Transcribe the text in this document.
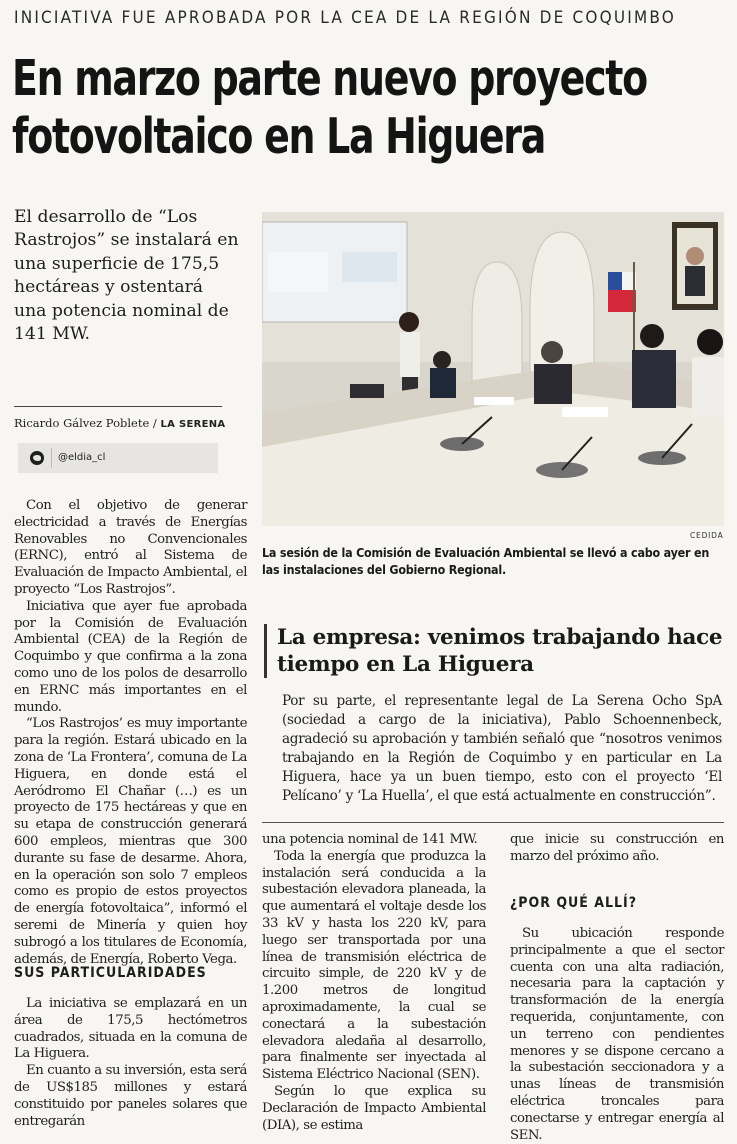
INICIATIVA FUE APROBADA POR LA CEA DE LA REGIÓN DE COQUIMBO
En marzo parte nuevo proyecto fotovoltaico en La Higuera
El desarrollo de “Los Rastrojos” se instalará en una superficie de 175,5 hectáreas y ostentará una potencia nominal de 141 MW.
Ricardo Gálvez Poblete / LA SERENA
@eldia_cl
CEDIDA
La sesión de la Comisión de Evaluación Ambiental se llevó a cabo ayer en las instalaciones del Gobierno Regional.

Con el objetivo de generar electricidad a través de Energías Renovables no Convencionales (ERNC), entró al Sistema de Evaluación de Impacto Ambiental, el proyecto “Los Rastrojos”.

Iniciativa que ayer fue aprobada por la Comisión de Evaluación Ambiental (CEA) de la Región de Coquimbo y que confirma a la zona como uno de los polos de desarrollo en ERNC más importantes en el mundo.

“Los Rastrojos’ es muy importante para la región. Estará ubicado en la zona de ‘La Frontera’, comuna de La Higuera, en donde está el Aeródromo El Chañar (…) es un proyecto de 175 hectáreas y que en su etapa de construcción generará 600 empleos, mientras que 300 durante su fase de desarme. Ahora, en la operación son solo 7 empleos como es propio de estos proyectos de energía fotovoltaica”, informó el seremi de Minería y quien hoy subrogó a los titulares de Economía, además, de Energía, Roberto Vega.

SUS PARTICULARIDADES

La iniciativa se emplazará en un área de 175,5 hectómetros cuadrados, situada en la comuna de La Higuera.

En cuanto a su inversión, esta será de US$185 millones y estará constituido por paneles solares que entregarán

La empresa: venimos trabajando hace tiempo en La Higuera
Por su parte, el representante legal de La Serena Ocho SpA (sociedad a cargo de la iniciativa), Pablo Schoennenbeck, agradeció su aprobación y también señaló que “nosotros venimos trabajando en la Región de Coquimbo y en particular en La Higuera, hace ya un buen tiempo, esto con el proyecto ‘El Pelícano’ y ‘La Huella’, el que está actualmente en construcción”.

una potencia nominal de 141 MW.

Toda la energía que produzca la instalación será conducida a la subestación elevadora planeada, la que aumentará el voltaje desde los 33 kV y hasta los 220 kV, para luego ser transportada por una línea de transmisión eléctrica de circuito simple, de 220 kV y de 1.200 metros de longitud aproximadamente, la cual se conectará a la subestación elevadora aledaña al desarrollo, para finalmente ser inyectada al Sistema Eléctrico Nacional (SEN).

Según lo que explica su Declaración de Impacto Ambiental (DIA), se estima

que inicie su construcción en marzo del próximo año.

¿POR QUÉ ALLÍ?

Su ubicación responde principalmente a que el sector cuenta con una alta radiación, necesaria para la captación y transformación de la energía requerida, conjuntamente, con un terreno con pendientes menores y se dispone cercano a la subestación seccionadora y a unas líneas de transmisión eléctrica troncales para conectarse y entregar energía al SEN.
